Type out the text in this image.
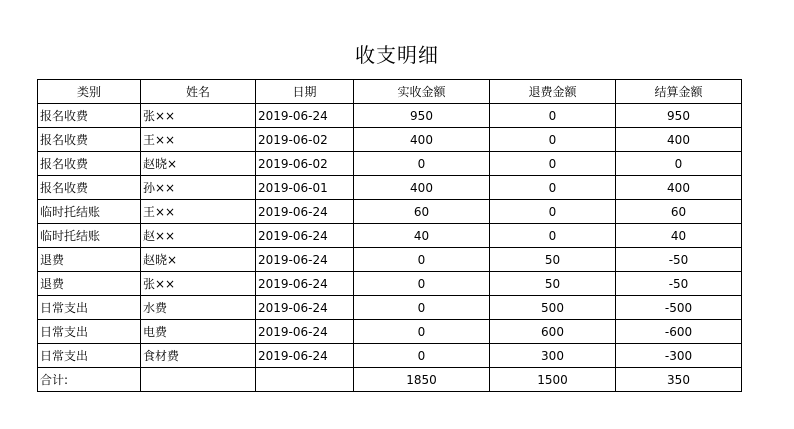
收支明细
类别	姓名	日期	实收金额	退费金额	结算金额
报名收费	张××	2019-06-24	950	0	950
报名收费	王××	2019-06-02	400	0	400
报名收费	赵晓×	2019-06-02	0	0	0
报名收费	孙××	2019-06-01	400	0	400
临时托结账	王××	2019-06-24	60	0	60
临时托结账	赵××	2019-06-24	40	0	40
退费	赵晓×	2019-06-24	0	50	-50
退费	张××	2019-06-24	0	50	-50
日常支出	水费	2019-06-24	0	500	-500
日常支出	电费	2019-06-24	0	600	-600
日常支出	食材费	2019-06-24	0	300	-300
合计:			1850	1500	350
